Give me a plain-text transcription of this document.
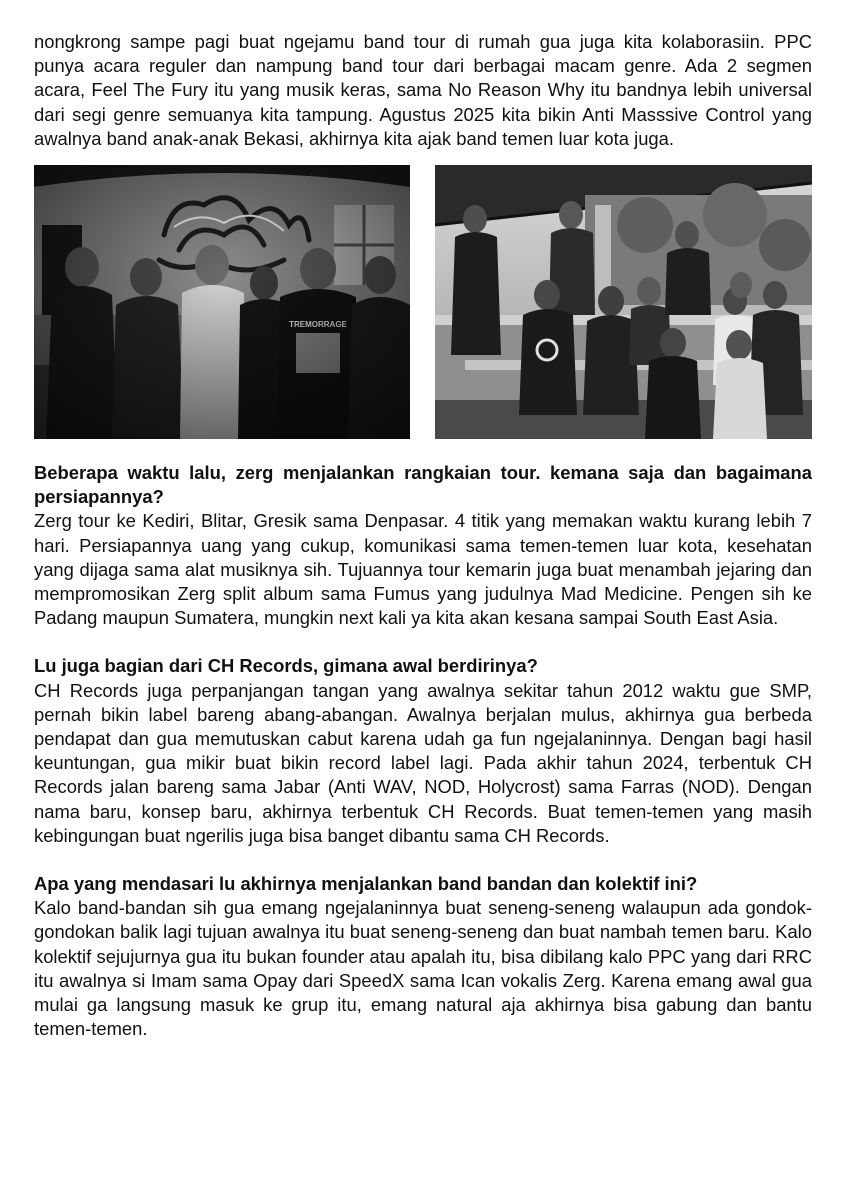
nongkrong sampe pagi buat ngejamu band tour di rumah gua juga kita kolaborasiin. PPC punya acara reguler dan nampung band tour dari berbagai macam genre. Ada 2 segmen acara, Feel The Fury itu yang musik keras, sama No Reason Why itu bandnya lebih universal dari segi genre semuanya kita tampung. Agustus 2025 kita bikin Anti Masssive Control yang awalnya band anak-anak Bekasi, akhirnya kita ajak band temen luar kota juga.

Beberapa waktu lalu, zerg menjalankan rangkaian tour. kemana saja dan bagaimana persiapannya?

Zerg tour ke Kediri, Blitar, Gresik sama Denpasar. 4 titik yang memakan waktu kurang lebih 7 hari. Persiapannya uang yang cukup, komunikasi sama temen-temen luar kota, kesehatan yang dijaga sama alat musiknya sih. Tujuannya tour kemarin juga buat menambah jejaring dan mempromosikan Zerg split album sama Fumus yang judulnya Mad Medicine. Pengen sih ke Padang maupun Sumatera, mungkin next kali ya kita akan kesana sampai South East Asia.

Lu juga bagian dari CH Records, gimana awal berdirinya?

CH Records juga perpanjangan tangan yang awalnya sekitar tahun 2012 waktu gue SMP, pernah bikin label bareng abang-abangan. Awalnya berjalan mulus, akhirnya gua berbeda pendapat dan gua memutuskan cabut karena udah ga fun ngejalaninnya. Dengan bagi hasil keuntungan, gua mikir buat bikin record label lagi. Pada akhir tahun 2024, terbentuk CH Records jalan bareng sama Jabar (Anti WAV, NOD, Holycrost) sama Farras (NOD). Dengan nama baru, konsep baru, akhirnya terbentuk CH Records. Buat temen-temen yang masih kebingungan buat ngerilis juga bisa banget dibantu sama CH Records.

Apa yang mendasari lu akhirnya menjalankan band bandan dan kolektif ini?

Kalo band-bandan sih gua emang ngejalaninnya buat seneng-seneng walaupun ada gondok-gondokan balik lagi tujuan awalnya itu buat seneng-seneng dan buat nambah temen baru. Kalo kolektif sejujurnya gua itu bukan founder atau apalah itu, bisa dibilang kalo PPC yang dari RRC itu awalnya si Imam sama Opay dari SpeedX sama Ican vokalis Zerg. Karena emang awal gua mulai ga langsung masuk ke grup itu, emang natural aja akhirnya bisa gabung dan bantu temen-temen.
